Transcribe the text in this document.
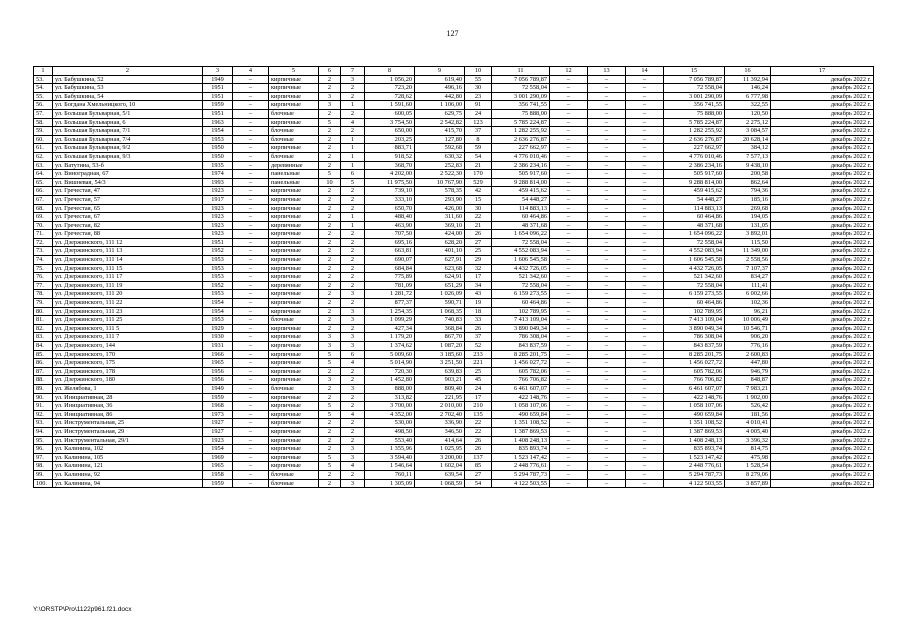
127
1	2	3	4	5	6	7	8	9	10	11	12	13	14	15	16	17
53.	ул. Бабушкина, 52	1949	–	кирпичные	2	3	1 056,20	619,40	55	7 056 789,87	–	–	–	7 056 789,87	11 392,94	декабрь 2022 г.
54.	ул. Бабушкина, 53	1951	–	кирпичные	2	2	723,20	496,16	30	72 558,04	–	–	–	72 558,04	146,24	декабрь 2022 г.
55.	ул. Бабушкина, 54	1951	–	кирпичные	3	2	728,62	442,80	23	3 001 290,09	–	–	–	3 001 290,09	6 777,98	декабрь 2022 г.
56.	ул. Богдана Хмельницкого, 10	1959	–	кирпичные	3	1	1 591,60	1 106,00	91	356 741,55	–	–	–	356 741,55	322,55	декабрь 2022 г.
57.	ул. Большая Бульварная, 5/1	1951	–	блочные	2	2	600,05	629,75	24	75 888,00	–	–	–	75 888,00	120,50	декабрь 2022 г.
58.	ул. Большая Бульварная, 6	1963	–	кирпичные	5	4	3 754,50	2 542,82	123	5 785 224,87	–	–	–	5 785 224,87	2 275,12	декабрь 2022 г.
59.	ул. Большая Бульварная, 7/1	1954	–	блочные	2	2	650,00	415,70	37	1 282 255,92	–	–	–	1 282 255,92	3 084,57	декабрь 2022 г.
60.	ул. Большая Бульварная, 7/4	1953	–	блочные	2	1	203,25	127,80	8	2 636 276,87	–	–	–	2 636 276,87	20 628,14	декабрь 2022 г.
61.	ул. Большая Бульварная, 9/2	1950	–	кирпичные	2	1	883,71	592,68	59	227 662,97	–	–	–	227 662,97	384,12	декабрь 2022 г.
62.	ул. Большая Бульварная, 9/3	1950	–	блочные	2	1	918,52	630,32	54	4 776 010,46	–	–	–	4 776 010,46	7 577,13	декабрь 2022 г.
63.	ул. Ватутина, 53-б	1935	–	деревянные	2	1	368,70	252,83	21	2 386 234,16	–	–	–	2 386 234,16	9 438,10	декабрь 2022 г.
64.	ул. Виноградная, 67	1974	–	панельные	5	6	4 202,00	2 522,30	170	505 917,60	–	–	–	505 917,60	200,58	декабрь 2022 г.
65.	ул. Вишневая, 54/3	1993	–	панельные	10	5	11 975,50	10 767,90	529	9 288 814,00	–	–	–	9 288 814,00	862,64	декабрь 2022 г.
66.	ул. Гречестая, 47	1923	–	кирпичные	2	2	739,10	578,35	42	459 415,62	–	–	–	459 415,62	794,36	декабрь 2022 г.
67.	ул. Гречестая, 57	1917	–	кирпичные	2	2	333,10	293,90	15	54 448,27	–	–	–	54 448,27	185,16	декабрь 2022 г.
68.	ул. Гречестая, 65	1923	–	кирпичные	2	2	650,70	426,00	30	114 883,13	–	–	–	114 883,13	269,68	декабрь 2022 г.
69.	ул. Гречестая, 67	1923	–	кирпичные	2	1	488,40	311,60	22	60 464,86	–	–	–	60 464,86	194,05	декабрь 2022 г.
70.	ул. Гречестая, 82	1923	–	кирпичные	2	1	463,90	369,10	21	48 371,68	–	–	–	48 371,68	131,05	декабрь 2022 г.
71.	ул. Гречестая, 88	1923	–	кирпичные	2	2	707,50	424,00	26	1 654 096,22	–	–	–	1 654 096,22	3 892,01	декабрь 2022 г.
72.	ул. Дзержинского, 111 12	1951	–	кирпичные	2	2	695,16	628,20	27	72 558,04	–	–	–	72 558,04	115,50	декабрь 2022 г.
73.	ул. Дзержинского, 111 13	1952	–	кирпичные	2	2	663,81	401,10	25	4 552 083,94	–	–	–	4 552 083,94	11 349,00	декабрь 2022 г.
74.	ул. Дзержинского, 111 14	1953	–	кирпичные	2	2	690,07	627,91	29	1 606 545,58	–	–	–	1 606 545,58	2 558,56	декабрь 2022 г.
75.	ул. Дзержинского, 111 15	1953	–	кирпичные	2	2	684,84	623,68	32	4 432 726,05	–	–	–	4 432 726,05	7 107,37	декабрь 2022 г.
76.	ул. Дзержинского, 111 17	1953	–	кирпичные	2	2	775,89	624,91	17	521 342,60	–	–	–	521 342,60	834,27	декабрь 2022 г.
77.	ул. Дзержинского, 111 19	1952	–	кирпичные	2	2	781,09	651,29	34	72 558,04	–	–	–	72 558,04	111,41	декабрь 2022 г.
78.	ул. Дзержинского, 111 20	1953	–	кирпичные	2	3	1 281,72	1 026,09	43	6 159 273,55	–	–	–	6 159 273,55	6 002,66	декабрь 2022 г.
79.	ул. Дзержинского, 111 22	1954	–	кирпичные	2	2	877,37	590,71	19	60 464,86	–	–	–	60 464,86	102,36	декабрь 2022 г.
80.	ул. Дзержинского, 111 23	1954	–	кирпичные	2	3	1 254,35	1 068,35	18	102 789,95	–	–	–	102 789,95	96,21	декабрь 2022 г.
81.	ул. Дзержинского, 111 25	1953	–	блочные	2	3	1 099,29	740,83	33	7 413 109,04	–	–	–	7 413 109,04	10 006,49	декабрь 2022 г.
82.	ул. Дзержинского, 111 5	1929	–	кирпичные	2	2	427,34	368,84	26	3 890 049,34	–	–	–	3 890 049,34	10 546,71	декабрь 2022 г.
83.	ул. Дзержинского, 111 7	1930	–	кирпичные	3	3	1 179,20	867,70	37	786 308,04	–	–	–	786 308,04	906,20	декабрь 2022 г.
84.	ул. Дзержинского, 144	1931	–	кирпичные	3	3	1 374,62	1 087,20	52	843 837,59	–	–	–	843 837,59	776,16	декабрь 2022 г.
85.	ул. Дзержинского, 170	1966	–	кирпичные	5	6	5 009,60	3 185,60	233	8 285 201,75	–	–	–	8 285 201,75	2 600,83	декабрь 2022 г.
86.	ул. Дзержинского, 175	1965	–	кирпичные	5	4	5 014,90	3 251,50	221	1 456 027,72	–	–	–	1 456 027,72	447,80	декабрь 2022 г.
87.	ул. Дзержинского, 178	1956	–	кирпичные	2	2	720,30	639,83	25	605 782,06	–	–	–	605 782,06	946,79	декабрь 2022 г.
88.	ул. Дзержинского, 180	1956	–	кирпичные	3	2	1 452,80	903,21	45	766 706,82	–	–	–	766 706,82	848,87	декабрь 2022 г.
89.	ул. Желябова, 1	1949	–	блочные	2	3	888,00	809,40	24	6 461 607,07	–	–	–	6 461 607,07	7 983,21	декабрь 2022 г.
90.	ул. Инициативная, 28	1959	–	кирпичные	2	2	313,82	221,95	17	422 148,76	–	–	–	422 148,76	1 902,00	декабрь 2022 г.
91.	ул. Инициативная, 36	1968	–	кирпичные	5	2	3 700,00	2 010,00	210	1 058 107,06	–	–	–	1 058 107,06	526,42	декабрь 2022 г.
92.	ул. Инициативная, 86	1973	–	кирпичные	5	4	4 352,00	2 702,40	135	490 659,84	–	–	–	490 659,84	181,56	декабрь 2022 г.
93.	ул. Инструментальная, 25	1927	–	кирпичные	2	2	530,00	336,90	22	1 351 108,52	–	–	–	1 351 108,52	4 010,41	декабрь 2022 г.
94.	ул. Инструментальная, 29	1927	–	кирпичные	2	2	498,50	346,50	22	1 387 869,53	–	–	–	1 387 869,53	4 005,40	декабрь 2022 г.
95.	ул. Инструментальная, 29/1	1923	–	кирпичные	2	2	553,40	414,64	26	1 408 248,13	–	–	–	1 408 248,13	3 396,32	декабрь 2022 г.
96.	ул. Калинина, 102	1954	–	кирпичные	2	3	1 355,96	1 025,95	26	835 893,74	–	–	–	835 893,74	814,75	декабрь 2022 г.
97.	ул. Калинина, 105	1969	–	кирпичные	5	3	3 594,40	3 200,00	137	1 523 147,42	–	–	–	1 523 147,42	475,98	декабрь 2022 г.
98.	ул. Калинина, 121	1965	–	кирпичные	5	4	1 546,64	1 602,04	85	2 448 776,61	–	–	–	2 448 776,61	1 528,54	декабрь 2022 г.
99.	ул. Калинина, 92	1958	–	блочные	2	2	760,11	639,54	27	5 294 787,73	–	–	–	5 294 787,73	8 279,06	декабрь 2022 г.
100.	ул. Калинина, 94	1959	–	блочные	2	3	1 305,09	1 068,59	54	4 122 503,55	–	–	–	4 122 503,55	3 857,89	декабрь 2022 г.
Y:\ORSTP\Pro\1122p961.f21.docx
